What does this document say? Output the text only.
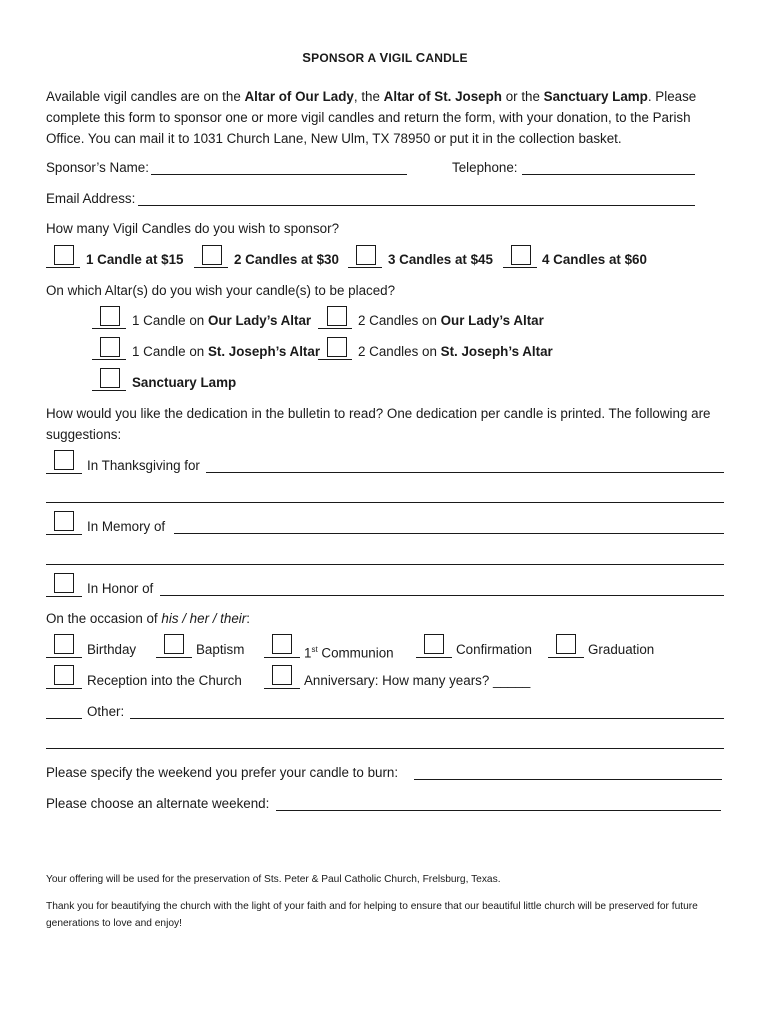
SPONSOR A VIGIL CANDLE
Available vigil candles are on the Altar of Our Lady, the Altar of St. Joseph or the Sanctuary Lamp. Please complete this form to sponsor one or more vigil candles and return the form, with your donation, to the Parish Office. You can mail it to 1031 Church Lane, New Ulm, TX 78950 or put it in the collection basket.
Sponsor’s Name:	Telephone:
Email Address:
How many Vigil Candles do you wish to sponsor?
1 Candle at $15	2 Candles at $30	3 Candles at $45	4 Candles at $60
On which Altar(s) do you wish your candle(s) to be placed?
1 Candle on Our Lady’s Altar	2 Candles on Our Lady’s Altar
1 Candle on St. Joseph’s Altar	2 Candles on St. Joseph’s Altar
Sanctuary Lamp
How would you like the dedication in the bulletin to read? One dedication per candle is printed. The following are suggestions:
In Thanksgiving for
In Memory of
In Honor of
On the occasion of his / her / their:
Birthday	Baptism	1st Communion	Confirmation	Graduation
Reception into the Church	Anniversary: How many years? _____
Other:
Please specify the weekend you prefer your candle to burn:
Please choose an alternate weekend:
Your offering will be used for the preservation of Sts. Peter & Paul Catholic Church, Frelsburg, Texas.
Thank you for beautifying the church with the light of your faith and for helping to ensure that our beautiful little church will be preserved for future generations to love and enjoy!
